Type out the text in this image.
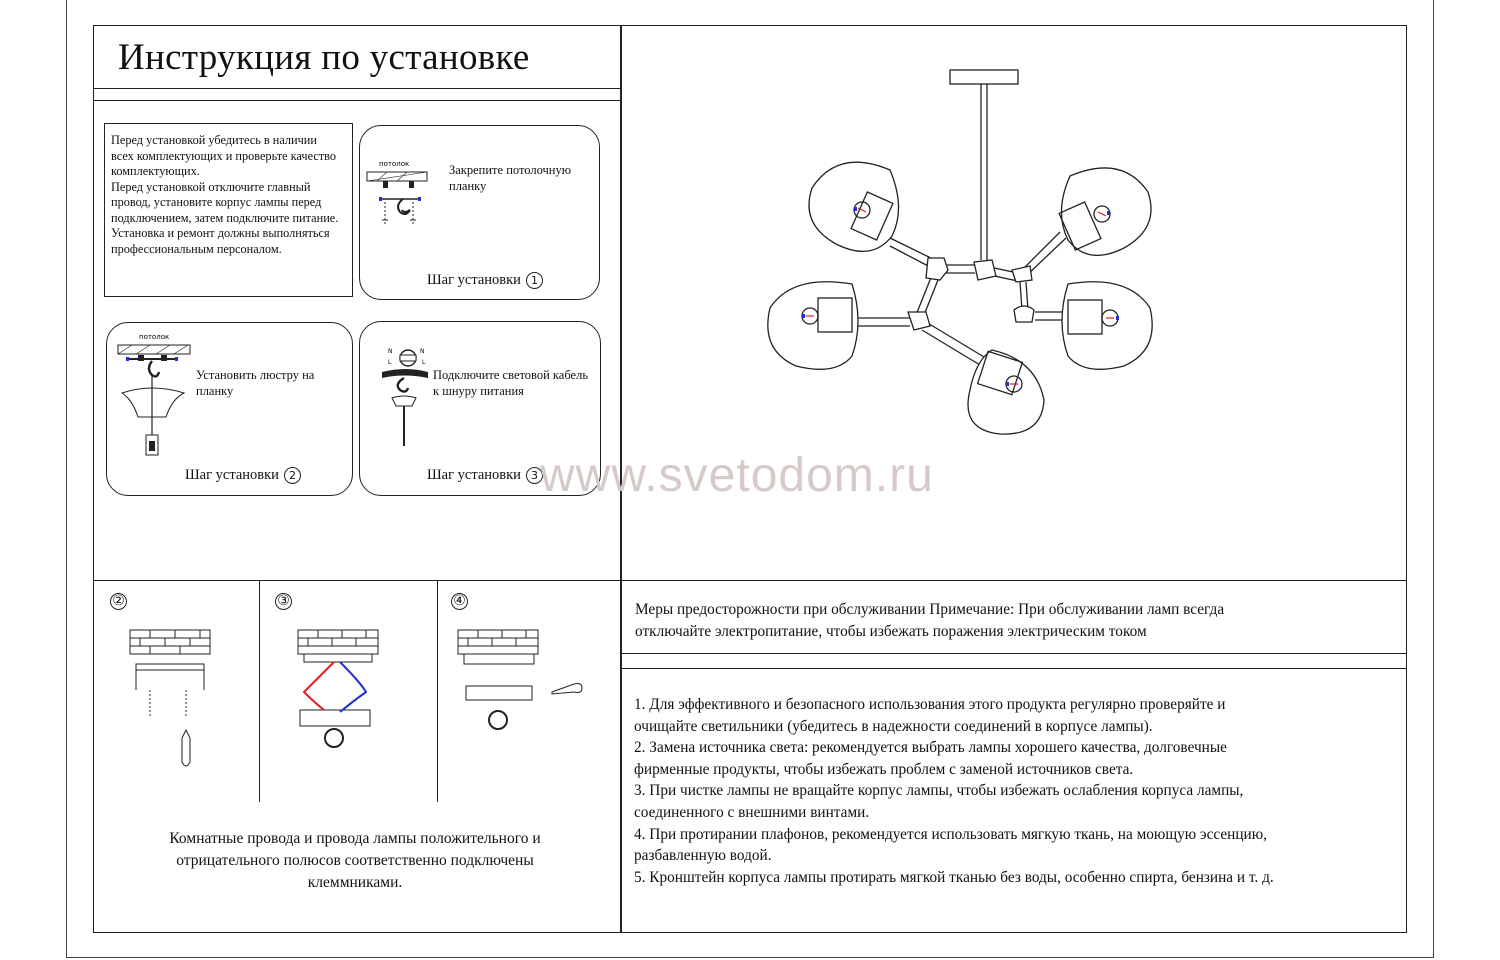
Инструкция по установке
Перед установкой убедитесь в наличии
всех комплектующих и проверьте качество
комплектующих.
Перед установкой отключите главный
провод, установите корпус лампы перед
подключением, затем подключите питание.
Установка и ремонт должны выполняться
профессиональным персоналом.
потолок	Закрепите потолочную
планку
Шаг установки 1
потолок
Установить люстру на
планку
Шаг установки 2
N
L
N
L
Подключите световой кабель
к шнуру питания
Шаг установки 3 www.svetodom.ru
②	③	④
Комнатные провода и провода лампы положительного и
отрицательного полюсов соответственно подключены
клеммниками.
Меры предосторожности при обслуживании Примечание: При обслуживании ламп всегда
отключайте электропитание, чтобы избежать поражения электрическим током
1. Для эффективного и безопасного использования этого продукта регулярно проверяйте и
очищайте светильники (убедитесь в надежности соединений в корпусе лампы).
2. Замена источника света: рекомендуется выбрать лампы хорошего качества, долговечные
фирменные продукты, чтобы избежать проблем с заменой источников света.
3. При чистке лампы не вращайте корпус лампы, чтобы избежать ослабления корпуса лампы,
соединенного с внешними винтами.
4. При протирании плафонов, рекомендуется использовать мягкую ткань, на моющую эссенцию,
разбавленную водой.
5. Кронштейн корпуса лампы протирать мягкой тканью без воды, особенно спирта, бензина и т. д.
